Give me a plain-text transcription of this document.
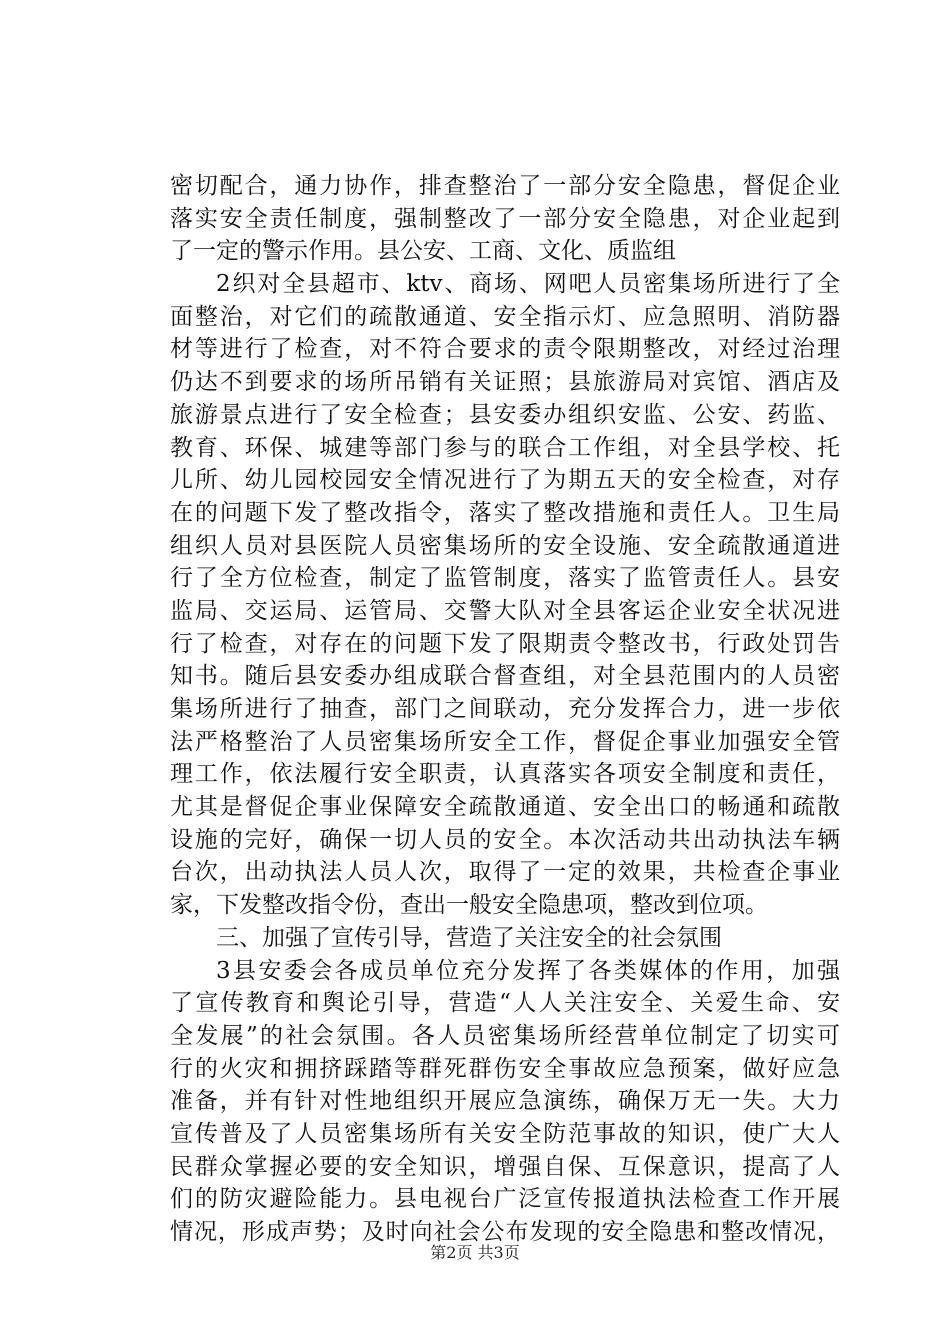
密切配合，通力协作，排查整治了一部分安全隐患，督促企业
落实安全责任制度，强制整改了一部分安全隐患，对企业起到
了一定的警示作用。县公安、工商、文化、质监组
2织对全县超市、ktv、商场、网吧人员密集场所进行了全
面整治，对它们的疏散通道、安全指示灯、应急照明、消防器
材等进行了检查，对不符合要求的责令限期整改，对经过治理
仍达不到要求的场所吊销有关证照；县旅游局对宾馆、酒店及
旅游景点进行了安全检查；县安委办组织安监、公安、药监、
教育、环保、城建等部门参与的联合工作组，对全县学校、托
儿所、幼儿园校园安全情况进行了为期五天的安全检查，对存
在的问题下发了整改指令，落实了整改措施和责任人。卫生局
组织人员对县医院人员密集场所的安全设施、安全疏散通道进
行了全方位检查，制定了监管制度，落实了监管责任人。县安
监局、交运局、运管局、交警大队对全县客运企业安全状况进
行了检查，对存在的问题下发了限期责令整改书，行政处罚告
知书。随后县安委办组成联合督查组，对全县范围内的人员密
集场所进行了抽查，部门之间联动，充分发挥合力，进一步依
法严格整治了人员密集场所安全工作，督促企事业加强安全管
理工作，依法履行安全职责，认真落实各项安全制度和责任，
尤其是督促企事业保障安全疏散通道、安全出口的畅通和疏散
设施的完好，确保一切人员的安全。本次活动共出动执法车辆
台次，出动执法人员人次，取得了一定的效果，共检查企事业
家，下发整改指令份，查出一般安全隐患项，整改到位项。
三、加强了宣传引导，营造了关注安全的社会氛围
3县安委会各成员单位充分发挥了各类媒体的作用，加强
了宣传教育和舆论引导，营造“人人关注安全、关爱生命、安
全发展”的社会氛围。各人员密集场所经营单位制定了切实可
行的火灾和拥挤踩踏等群死群伤安全事故应急预案，做好应急
准备，并有针对性地组织开展应急演练，确保万无一失。大力
宣传普及了人员密集场所有关安全防范事故的知识，使广大人
民群众掌握必要的安全知识，增强自保、互保意识，提高了人
们的防灾避险能力。县电视台广泛宣传报道执法检查工作开展
情况，形成声势；及时向社会公布发现的安全隐患和整改情况，
第2页 共3页
